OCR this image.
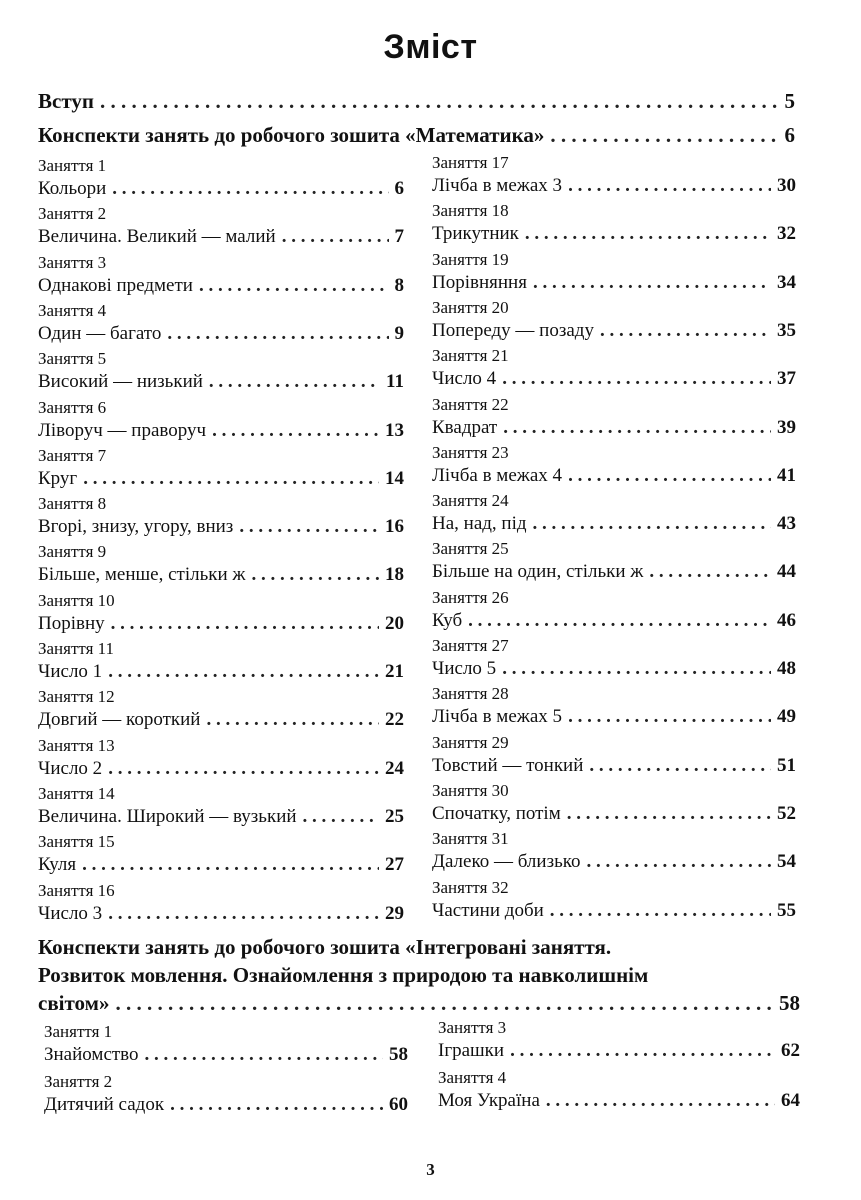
Зміст
Вступ . . .	5
Конспекти занять до робочого зошита «Математика» . . .	6
Заняття 1
Кольори . . .	6
Заняття 2
Величина. Великий — малий . . .	7
Заняття 3
Однакові предмети . . .	8
Заняття 4
Один — багато . . .	9
Заняття 5
Високий — низький . . .	11
Заняття 6
Ліворуч — праворуч . . .	13
Заняття 7
Круг . . .	14
Заняття 8
Вгорі, знизу, угору, вниз . . .	16
Заняття 9
Більше, менше, стільки ж . . .	18
Заняття 10
Порівну . . .	20
Заняття 11
Число 1 . . .	21
Заняття 12
Довгий — короткий . . .	22
Заняття 13
Число 2 . . .	24
Заняття 14
Величина. Широкий — вузький . . .	25
Заняття 15
Куля . . .	27
Заняття 16
Число 3 . . .	29
Заняття 17
Лічба в межах 3 . . .	30
Заняття 18
Трикутник . . .	32
Заняття 19
Порівняння . . .	34
Заняття 20
Попереду — позаду . . .	35
Заняття 21
Число 4 . . .	37
Заняття 22
Квадрат . . .	39
Заняття 23
Лічба в межах 4 . . .	41
Заняття 24
На, над, під . . .	43
Заняття 25
Більше на один, стільки ж . . .	44
Заняття 26
Куб . . .	46
Заняття 27
Число 5 . . .	48
Заняття 28
Лічба в межах 5 . . .	49
Заняття 29
Товстий — тонкий . . .	51
Заняття 30
Спочатку, потім . . .	52
Заняття 31
Далеко — близько . . .	54
Заняття 32
Частини доби . . .	55
Конспекти занять до робочого зошита «Інтегровані заняття.
Розвиток мовлення. Ознайомлення з природою та навколишнім
світом» . . .	58
Заняття 1
Знайомство . . .	58
Заняття 2
Дитячий садок . . .	60
Заняття 3
Іграшки . . .	62
Заняття 4
Моя Україна . . .	64
3
